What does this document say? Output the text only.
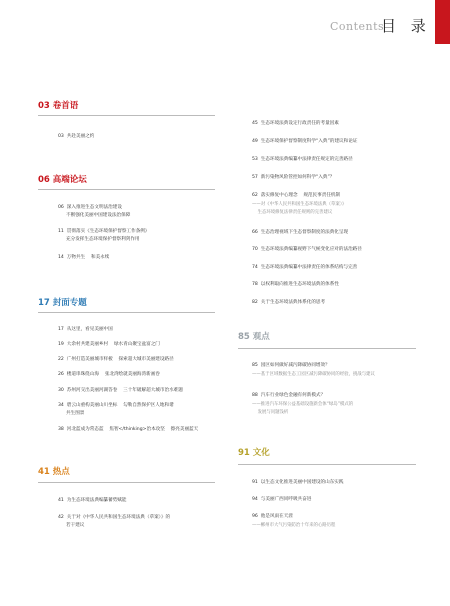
Contents
目 录
03 卷首语
03 共赴美丽之约
06 高端论坛
06 深入推进生态文明法治建设
不断强化美丽中国建设法治保障
11 贯彻落实《生态环境保护督察工作条例》
充分发挥生态环境保护督察利剑作用
14 万物共生    和美永续
17 封面专题
17 从这里，看见美丽中国
19 大余村共建美丽乡村    绿水青山聚宝盆富之门
22 广州打造美丽城市样板    探索超大城市美丽建设路径
26 楼道串珠绕山海    张北湾绘就美丽海湾新画卷
30 苏州河交出美丽河湖答卷    三十年破解超大城市治水难题
34 碧云山重构美丽山川坐标    勾勒自然保护区人地和谐
共生图景
38 河北蓝成为常态蓝    焦智</thinking>治本攻坚    擦亮美丽蓝天
41 热点
41 为生态环境法典编纂蓄势赋能
42 关于对《中华人民共和国生态环境法典（草案）》的
若干建议
45 生态环境法典设定行政责任的考量因素
49 生态环境保护督察制度科学“入典”的建议和论证
53 生态环境法典编纂中法律责任规定的完善路径
57 新污染物风险管控如何科学“入典”？
62 落实修复中心理念    规范民事责任机制
——对《中华人民共和国生态环境法典（草案）》
生态环境修复法律责任规则的完善建议
66 生态治理视域下生态督察制度的法典化呈现
70 生态环境法典编纂视野下气候变化应对的法治路径
74 生态环境法典编纂中法律责任的体系结构与完善
78 以权利取向推进生态环境法典的体系性
82 关于生态环境法典体系化的思考
85 观点
85 园区如何做好减污降碳协同增效？
——基于区域数据生态工园区减污降碳协同的经验，挑战与建议
88 汽车行业绿色金融有何新模式？
——推进汽车环保公益基础设施新会体“绿岛”模式的
发展与问题浅析
91 文化
91 以生态文化推进美丽中国建设的山东实践
94 与美丽广西同呼吸共奋进
96 他是风雨在天涯
——郴州市大气污染防治十年来的心路历程
